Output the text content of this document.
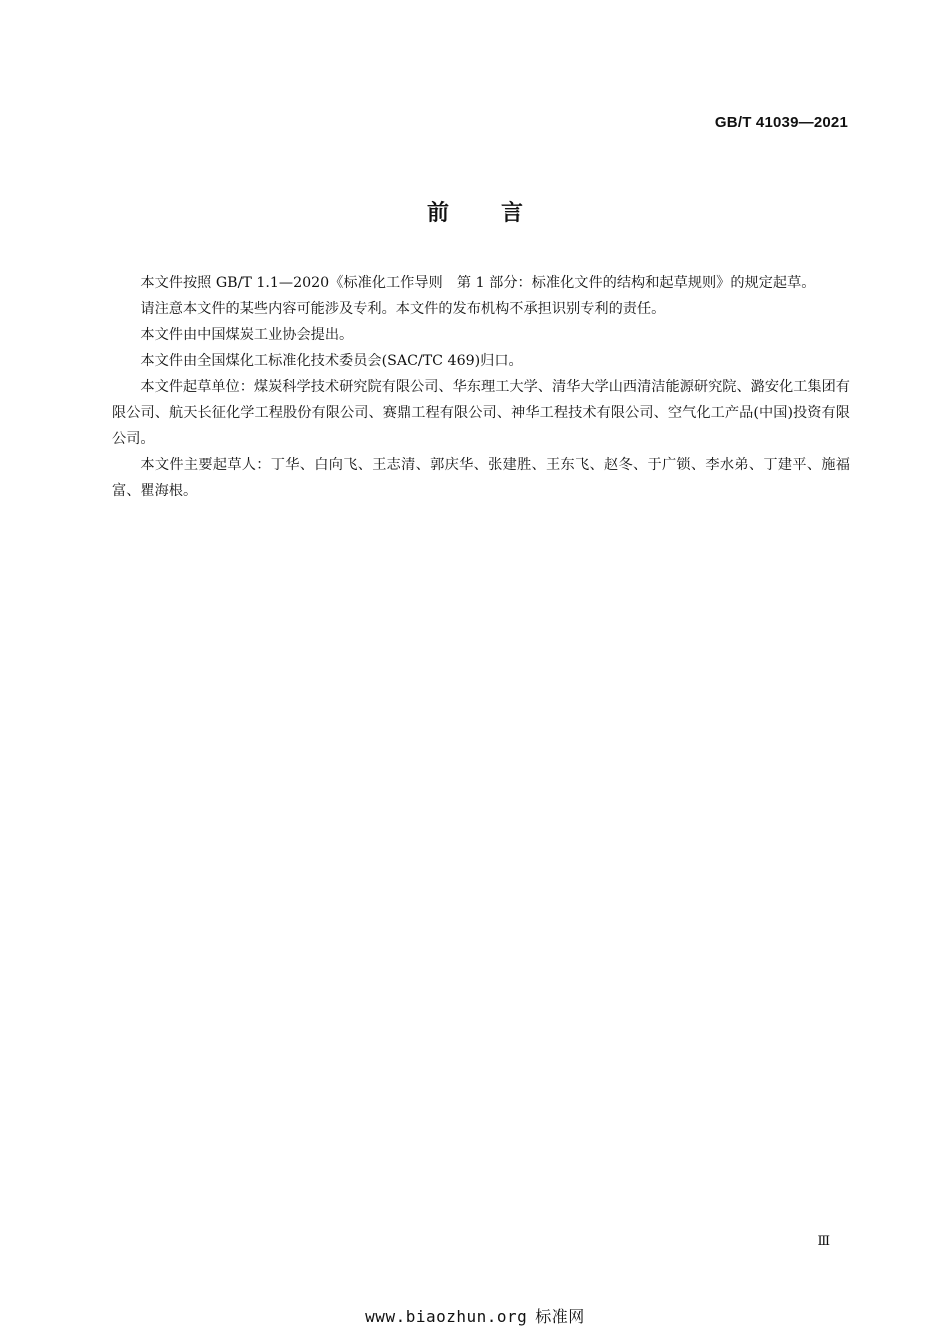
GB/T 41039—2021
前言

本文件按照 GB/T 1.1—2020《标准化工作导则　第 1 部分：标准化文件的结构和起草规则》的规定起草。

请注意本文件的某些内容可能涉及专利。本文件的发布机构不承担识别专利的责任。

本文件由中国煤炭工业协会提出。

本文件由全国煤化工标准化技术委员会(SAC/TC 469)归口。

本文件起草单位：煤炭科学技术研究院有限公司、华东理工大学、清华大学山西清洁能源研究院、潞安化工集团有限公司、航天长征化学工程股份有限公司、赛鼎工程有限公司、神华工程技术有限公司、空气化工产品(中国)投资有限公司。

本文件主要起草人：丁华、白向飞、王志清、郭庆华、张建胜、王东飞、赵冬、于广锁、李水弟、丁建平、施福富、瞿海根。

Ⅲ
www.biaozhun.org 标准网
